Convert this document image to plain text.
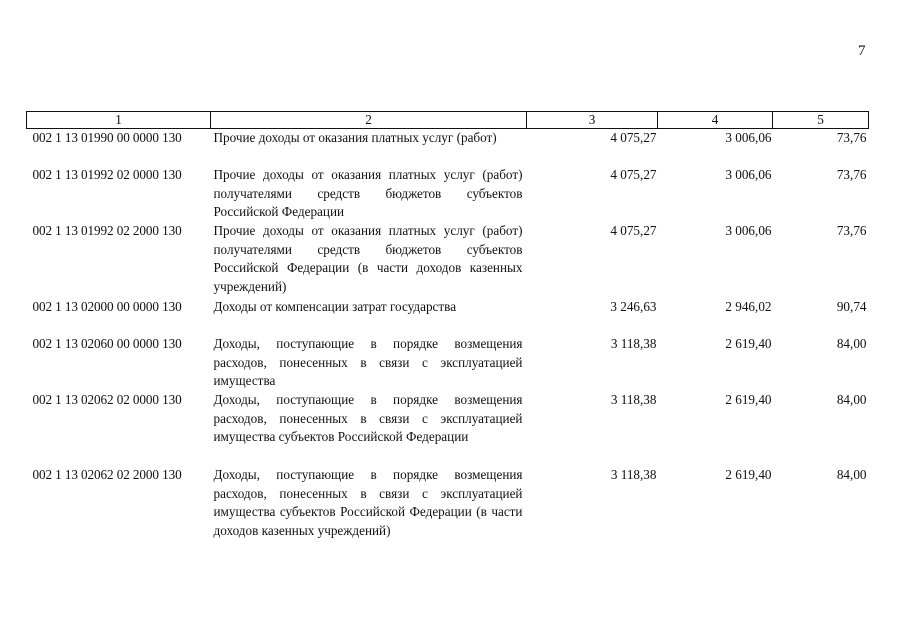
7
1	2	3	4	5
002 1 13 01990 00 0000 130	Прочие доходы от оказания платных услуг (работ)	4 075,27	3 006,06	73,76
002 1 13 01992 02 0000 130	Прочие доходы от оказания платных услуг (работ) получателями средств бюджетов субъектов Российской Федерации	4 075,27	3 006,06	73,76
002 1 13 01992 02 2000 130	Прочие доходы от оказания платных услуг (работ) получателями средств бюджетов субъектов Российской Федерации (в части доходов казенных учреждений)	4 075,27	3 006,06	73,76
002 1 13 02000 00 0000 130	Доходы от компенсации затрат государства	3 246,63	2 946,02	90,74
002 1 13 02060 00 0000 130	Доходы, поступающие в порядке возмещения расходов, понесенных в связи с эксплуатацией имущества	3 118,38	2 619,40	84,00
002 1 13 02062 02 0000 130	Доходы, поступающие в порядке возмещения расходов, понесенных в связи с эксплуатацией имущества субъектов Российской Федерации	3 118,38	2 619,40	84,00
002 1 13 02062 02 2000 130	Доходы, поступающие в порядке возмещения расходов, понесенных в связи с эксплуатацией имущества субъектов Российской Федерации (в части доходов казенных учреждений)	3 118,38	2 619,40	84,00
